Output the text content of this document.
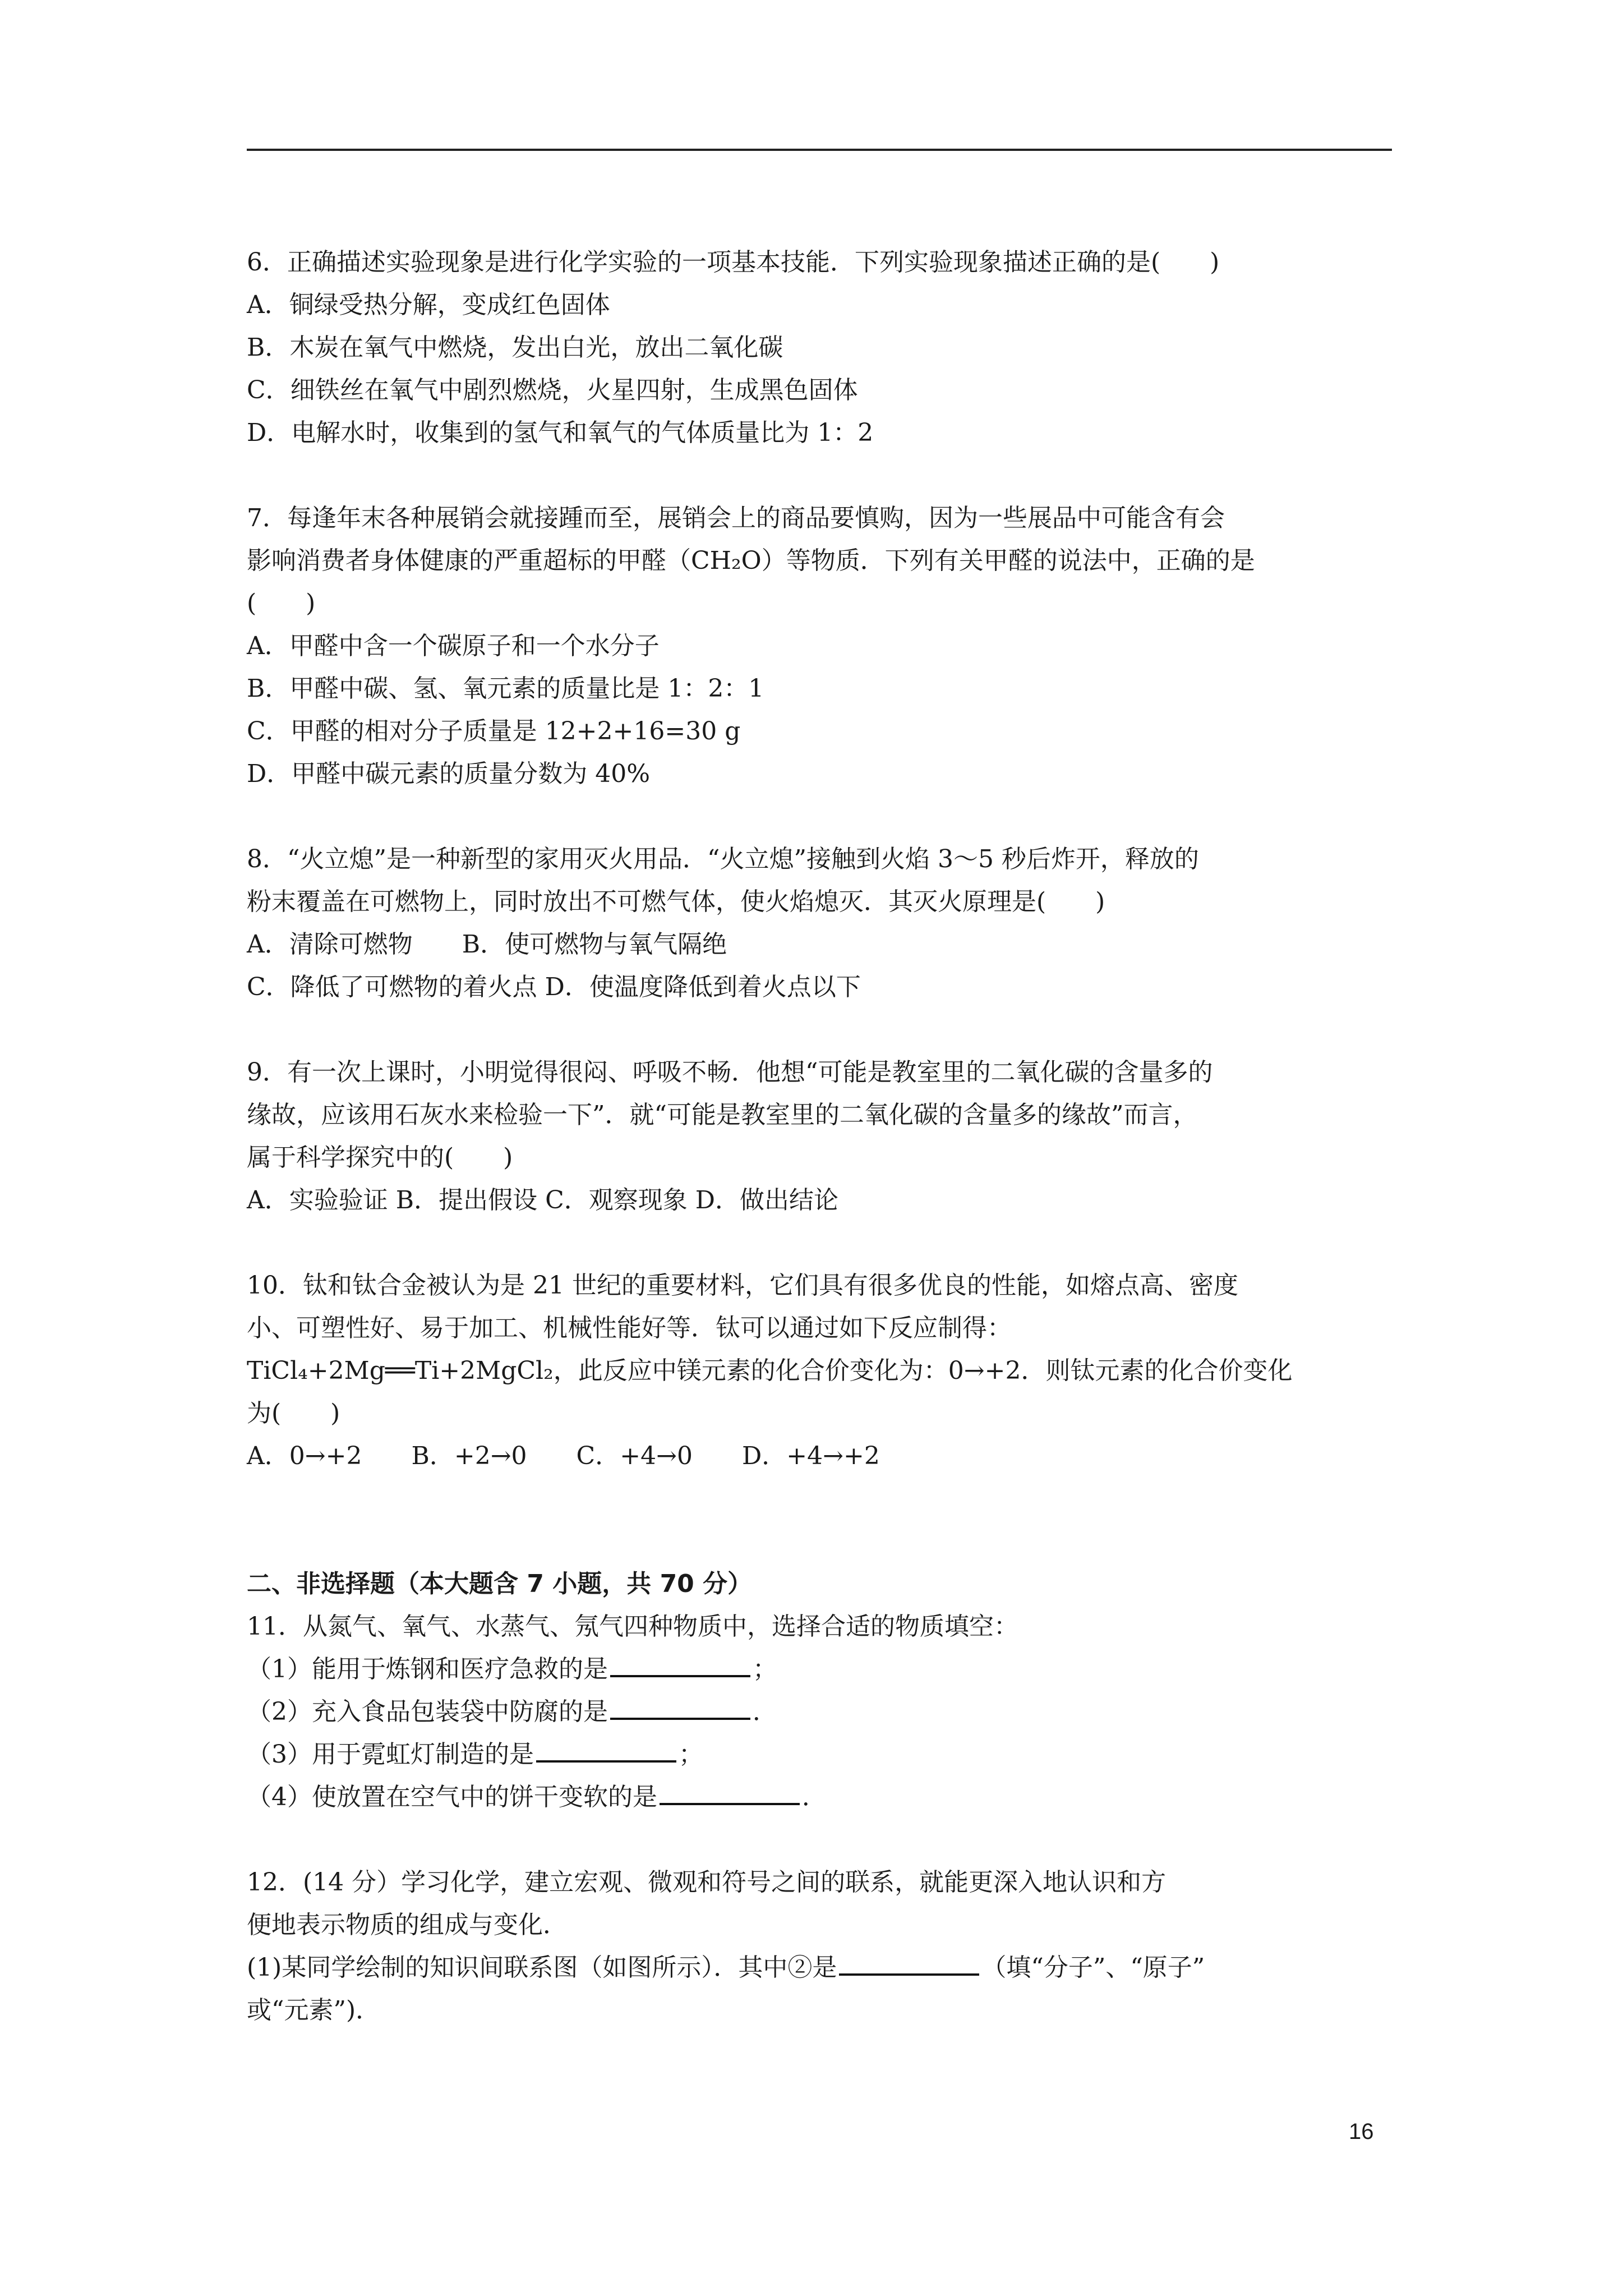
6．正确描述实验现象是进行化学实验的一项基本技能．下列实验现象描述正确的是(　　)

A．铜绿受热分解，变成红色固体

B．木炭在氧气中燃烧，发出白光，放出二氧化碳

C．细铁丝在氧气中剧烈燃烧，火星四射，生成黑色固体

D．电解水时，收集到的氢气和氧气的气体质量比为 1：2

7．每逢年末各种展销会就接踵而至，展销会上的商品要慎购，因为一些展品中可能含有会

影响消费者身体健康的严重超标的甲醛（CH₂O）等物质．下列有关甲醛的说法中，正确的是

(　　)

A．甲醛中含一个碳原子和一个水分子

B．甲醛中碳、氢、氧元素的质量比是 1：2：1

C．甲醛的相对分子质量是 12+2+16=30 g

D．甲醛中碳元素的质量分数为 40%

8．“火立熄”是一种新型的家用灭火用品．“火立熄”接触到火焰 3～5 秒后炸开，释放的

粉末覆盖在可燃物上，同时放出不可燃气体，使火焰熄灭．其灭火原理是(　　)

A．清除可燃物　　B．使可燃物与氧气隔绝

C．降低了可燃物的着火点 D．使温度降低到着火点以下

9．有一次上课时，小明觉得很闷、呼吸不畅．他想“可能是教室里的二氧化碳的含量多的

缘故，应该用石灰水来检验一下”．就“可能是教室里的二氧化碳的含量多的缘故”而言，

属于科学探究中的(　　)

A．实验验证 B．提出假设 C．观察现象 D．做出结论

10．钛和钛合金被认为是 21 世纪的重要材料，它们具有很多优良的性能，如熔点高、密度

小、可塑性好、易于加工、机械性能好等．钛可以通过如下反应制得：

TiCl₄+2Mg══Ti+2MgCl₂，此反应中镁元素的化合价变化为：0→+2．则钛元素的化合价变化

为(　　)

A．0→+2　　B．+2→0　　C．+4→0　　D．+4→+2

二、非选择题（本大题含 7 小题，共 70 分）

11．从氮气、氧气、水蒸气、氖气四种物质中，选择合适的物质填空：

（1）能用于炼钢和医疗急救的是	；

（2）充入食品包装袋中防腐的是	．

（3）用于霓虹灯制造的是	；

（4）使放置在空气中的饼干变软的是	．

12．(14 分）学习化学，建立宏观、微观和符号之间的联系，就能更深入地认识和方

便地表示物质的组成与变化．

(1)某同学绘制的知识间联系图（如图所示）．其中②是	（填“分子”、“原子”

或“元素”)．

16
